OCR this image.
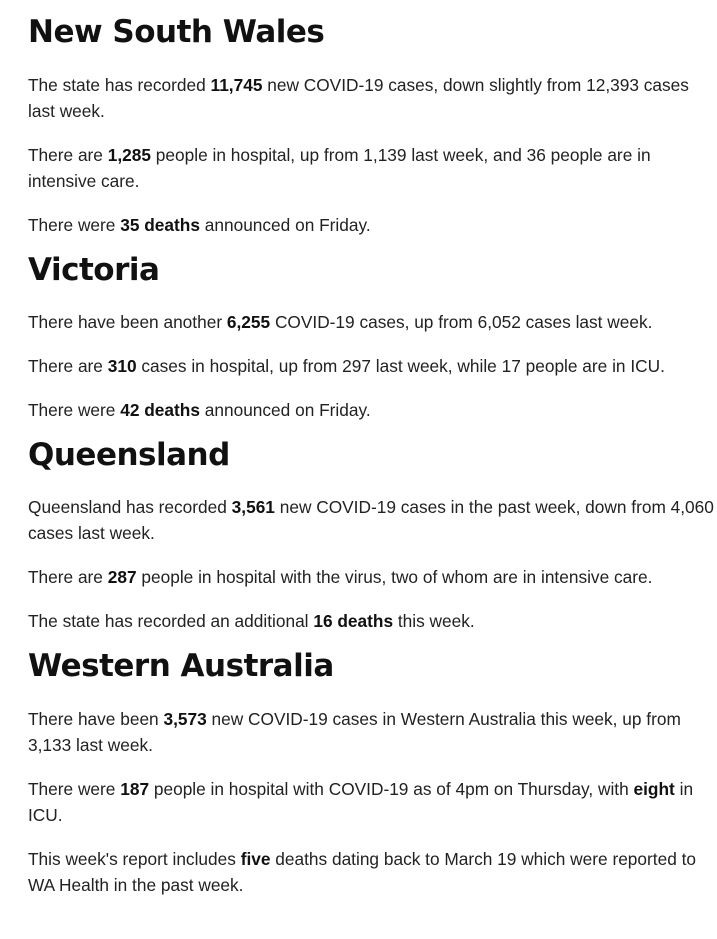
New South Wales

The state has recorded 11,745 new COVID-19 cases, down slightly from 12,393 cases last week.

There are 1,285 people in hospital, up from 1,139 last week, and 36 people are in intensive care.

There were 35 deaths announced on Friday.

Victoria

There have been another 6,255 COVID-19 cases, up from 6,052 cases last week.

There are 310 cases in hospital, up from 297 last week, while 17 people are in ICU.

There were 42 deaths announced on Friday.

Queensland

Queensland has recorded 3,561 new COVID-19 cases in the past week, down from 4,060 cases last week.

There are 287 people in hospital with the virus, two of whom are in intensive care.

The state has recorded an additional 16 deaths this week.

Western Australia

There have been 3,573 new COVID-19 cases in Western Australia this week, up from 3,133 last week.

There were 187 people in hospital with COVID-19 as of 4pm on Thursday, with eight in ICU.

This week's report includes five deaths dating back to March 19 which were reported to WA Health in the past week.
